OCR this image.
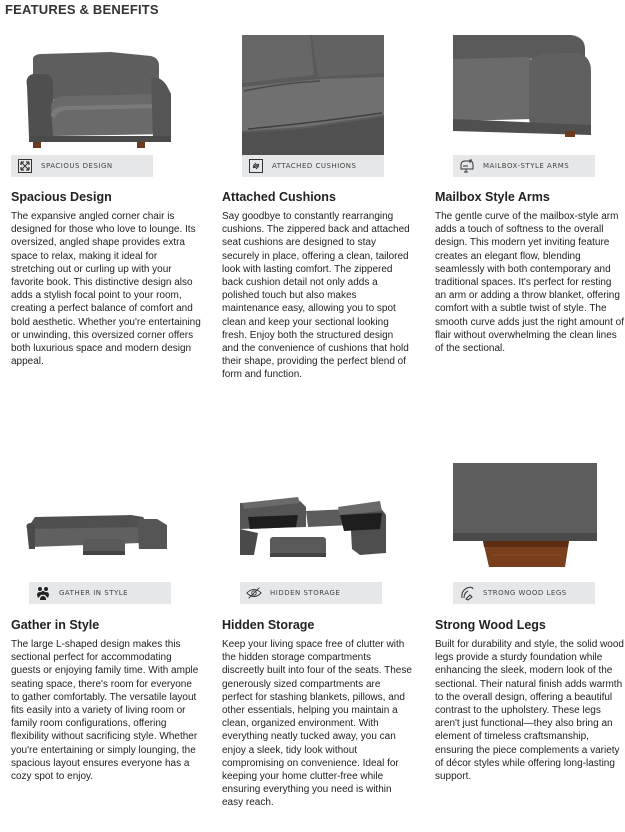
FEATURES & BENEFITS
SPACIOUS DESIGN
Spacious Design
The expansive angled corner chair is designed for those who love to lounge. Its oversized, angled shape provides extra space to relax, making it ideal for stretching out or curling up with your favorite book. This distinctive design also adds a stylish focal point to your room, creating a perfect balance of comfort and bold aesthetic. Whether you're entertaining or unwinding, this oversized corner offers both luxurious space and modern design appeal.
ATTACHED CUSHIONS
Attached Cushions
Say goodbye to constantly rearranging cushions. The zippered back and attached seat cushions are designed to stay securely in place, offering a clean, tailored look with lasting comfort. The zippered back cushion detail not only adds a polished touch but also makes maintenance easy, allowing you to spot clean and keep your sectional looking fresh. Enjoy both the structured design and the convenience of cushions that hold their shape, providing the perfect blend of form and function.
MAILBOX-STYLE ARMS
Mailbox Style Arms
The gentle curve of the mailbox-style arm adds a touch of softness to the overall design. This modern yet inviting feature creates an elegant flow, blending seamlessly with both contemporary and traditional spaces. It's perfect for resting an arm or adding a throw blanket, offering comfort with a subtle twist of style. The smooth curve adds just the right amount of flair without overwhelming the clean lines of the sectional.
GATHER IN STYLE
Gather in Style
The large L-shaped design makes this sectional perfect for accommodating guests or enjoying family time. With ample seating space, there's room for everyone to gather comfortably. The versatile layout fits easily into a variety of living room or family room configurations, offering flexibility without sacrificing style. Whether you're entertaining or simply lounging, the spacious layout ensures everyone has a cozy spot to enjoy.
HIDDEN STORAGE
Hidden Storage
Keep your living space free of clutter with the hidden storage compartments discreetly built into four of the seats. These generously sized compartments are perfect for stashing blankets, pillows, and other essentials, helping you maintain a clean, organized environment. With everything neatly tucked away, you can enjoy a sleek, tidy look without compromising on convenience. Ideal for keeping your home clutter-free while ensuring everything you need is within easy reach.
STRONG WOOD LEGS
Strong Wood Legs
Built for durability and style, the solid wood legs provide a sturdy foundation while enhancing the sleek, modern look of the sectional. Their natural finish adds warmth to the overall design, offering a beautiful contrast to the upholstery. These legs aren't just functional—they also bring an element of timeless craftsmanship, ensuring the piece complements a variety of décor styles while offering long-lasting support.
